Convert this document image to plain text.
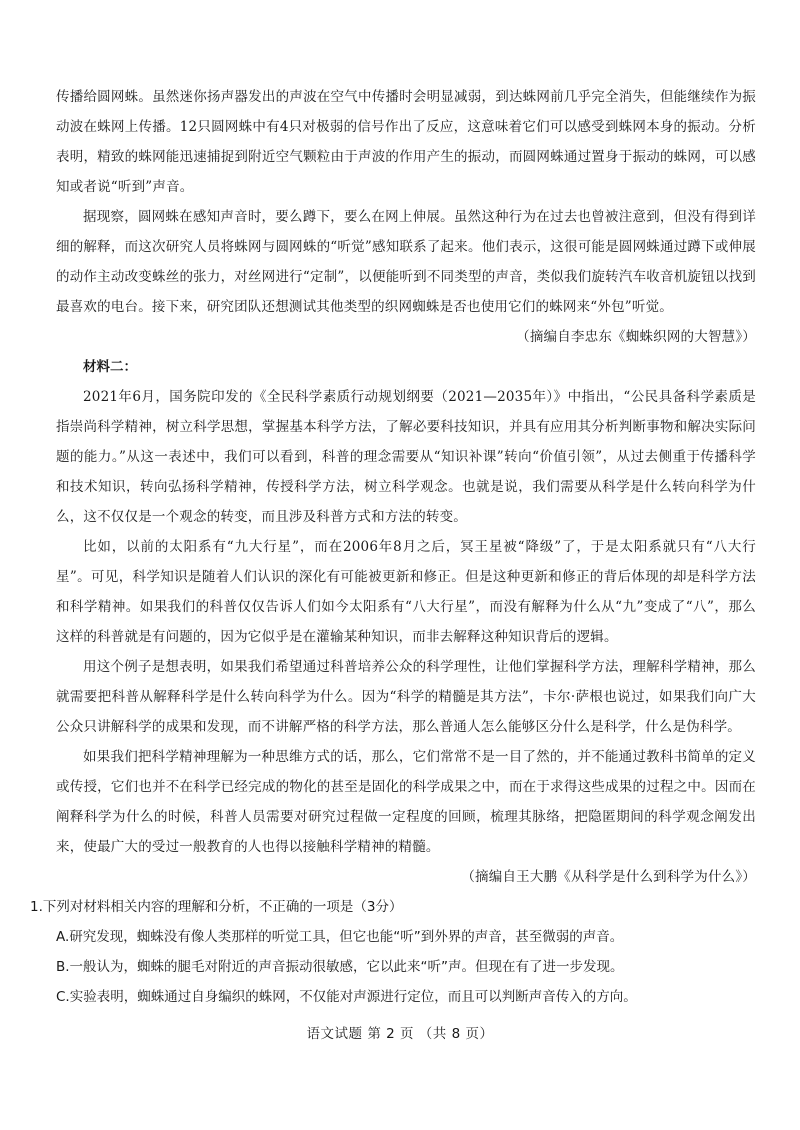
传播给圆网蛛。虽然迷你扬声器发出的声波在空气中传播时会明显减弱，到达蛛网前几乎完全消失，但能继续作为振动波在蛛网上传播。12只圆网蛛中有4只对极弱的信号作出了反应，这意味着它们可以感受到蛛网本身的振动。分析表明，精致的蛛网能迅速捕捉到附近空气颗粒由于声波的作用产生的振动，而圆网蛛通过置身于振动的蛛网，可以感知或者说“听到”声音。

据现察，圆网蛛在感知声音时，要么蹲下，要么在网上伸展。虽然这种行为在过去也曾被注意到，但没有得到详细的解释，而这次研究人员将蛛网与圆网蛛的“听觉”感知联系了起来。他们表示，这很可能是圆网蛛通过蹲下或伸展的动作主动改变蛛丝的张力，对丝网进行“定制”，以便能听到不同类型的声音，类似我们旋转汽车收音机旋钮以找到最喜欢的电台。接下来，研究团队还想测试其他类型的织网蜘蛛是否也使用它们的蛛网来“外包”听觉。

（摘编自李忠东《蜘蛛织网的大智慧》）

材料二：

2021年6月，国务院印发的《全民科学素质行动规划纲要（2021—2035年）》中指出，“公民具备科学素质是指崇尚科学精神，树立科学思想，掌握基本科学方法，了解必要科技知识，并具有应用其分析判断事物和解决实际问题的能力。”从这一表述中，我们可以看到，科普的理念需要从“知识补课”转向“价值引领”，从过去侧重于传播科学和技术知识，转向弘扬科学精神，传授科学方法，树立科学观念。也就是说，我们需要从科学是什么转向科学为什么，这不仅仅是一个观念的转变，而且涉及科普方式和方法的转变。

比如，以前的太阳系有“九大行星”，而在2006年8月之后，冥王星被“降级”了，于是太阳系就只有“八大行星”。可见，科学知识是随着人们认识的深化有可能被更新和修正。但是这种更新和修正的背后体现的却是科学方法和科学精神。如果我们的科普仅仅告诉人们如今太阳系有“八大行星”，而没有解释为什么从“九”变成了“八”，那么这样的科普就是有问题的，因为它似乎是在灌输某种知识，而非去解释这种知识背后的逻辑。

用这个例子是想表明，如果我们希望通过科普培养公众的科学理性，让他们掌握科学方法，理解科学精神，那么就需要把科普从解释科学是什么转向科学为什么。因为“科学的精髓是其方法”，卡尔·萨根也说过，如果我们向广大公众只讲解科学的成果和发现，而不讲解严格的科学方法，那么普通人怎么能够区分什么是科学，什么是伪科学。

如果我们把科学精神理解为一种思维方式的话，那么，它们常常不是一目了然的，并不能通过教科书简单的定义或传授，它们也并不在科学已经完成的物化的甚至是固化的科学成果之中，而在于求得这些成果的过程之中。因而在阐释科学为什么的时候，科普人员需要对研究过程做一定程度的回顾，梳理其脉络，把隐匿期间的科学观念阐发出来，使最广大的受过一般教育的人也得以接触科学精神的精髓。

（摘编自王大鹏《从科学是什么到科学为什么》）

1.下列对材料相关内容的理解和分析，不正确的一项是（3分）

A.研究发现，蜘蛛没有像人类那样的听觉工具，但它也能“听”到外界的声音，甚至微弱的声音。

B.一般认为，蜘蛛的腿毛对附近的声音振动很敏感，它以此来“听”声。但现在有了进一步发现。

C.实验表明，蜘蛛通过自身编织的蛛网，不仅能对声源进行定位，而且可以判断声音传入的方向。

语文试题 第 2 页 （共 8 页）
